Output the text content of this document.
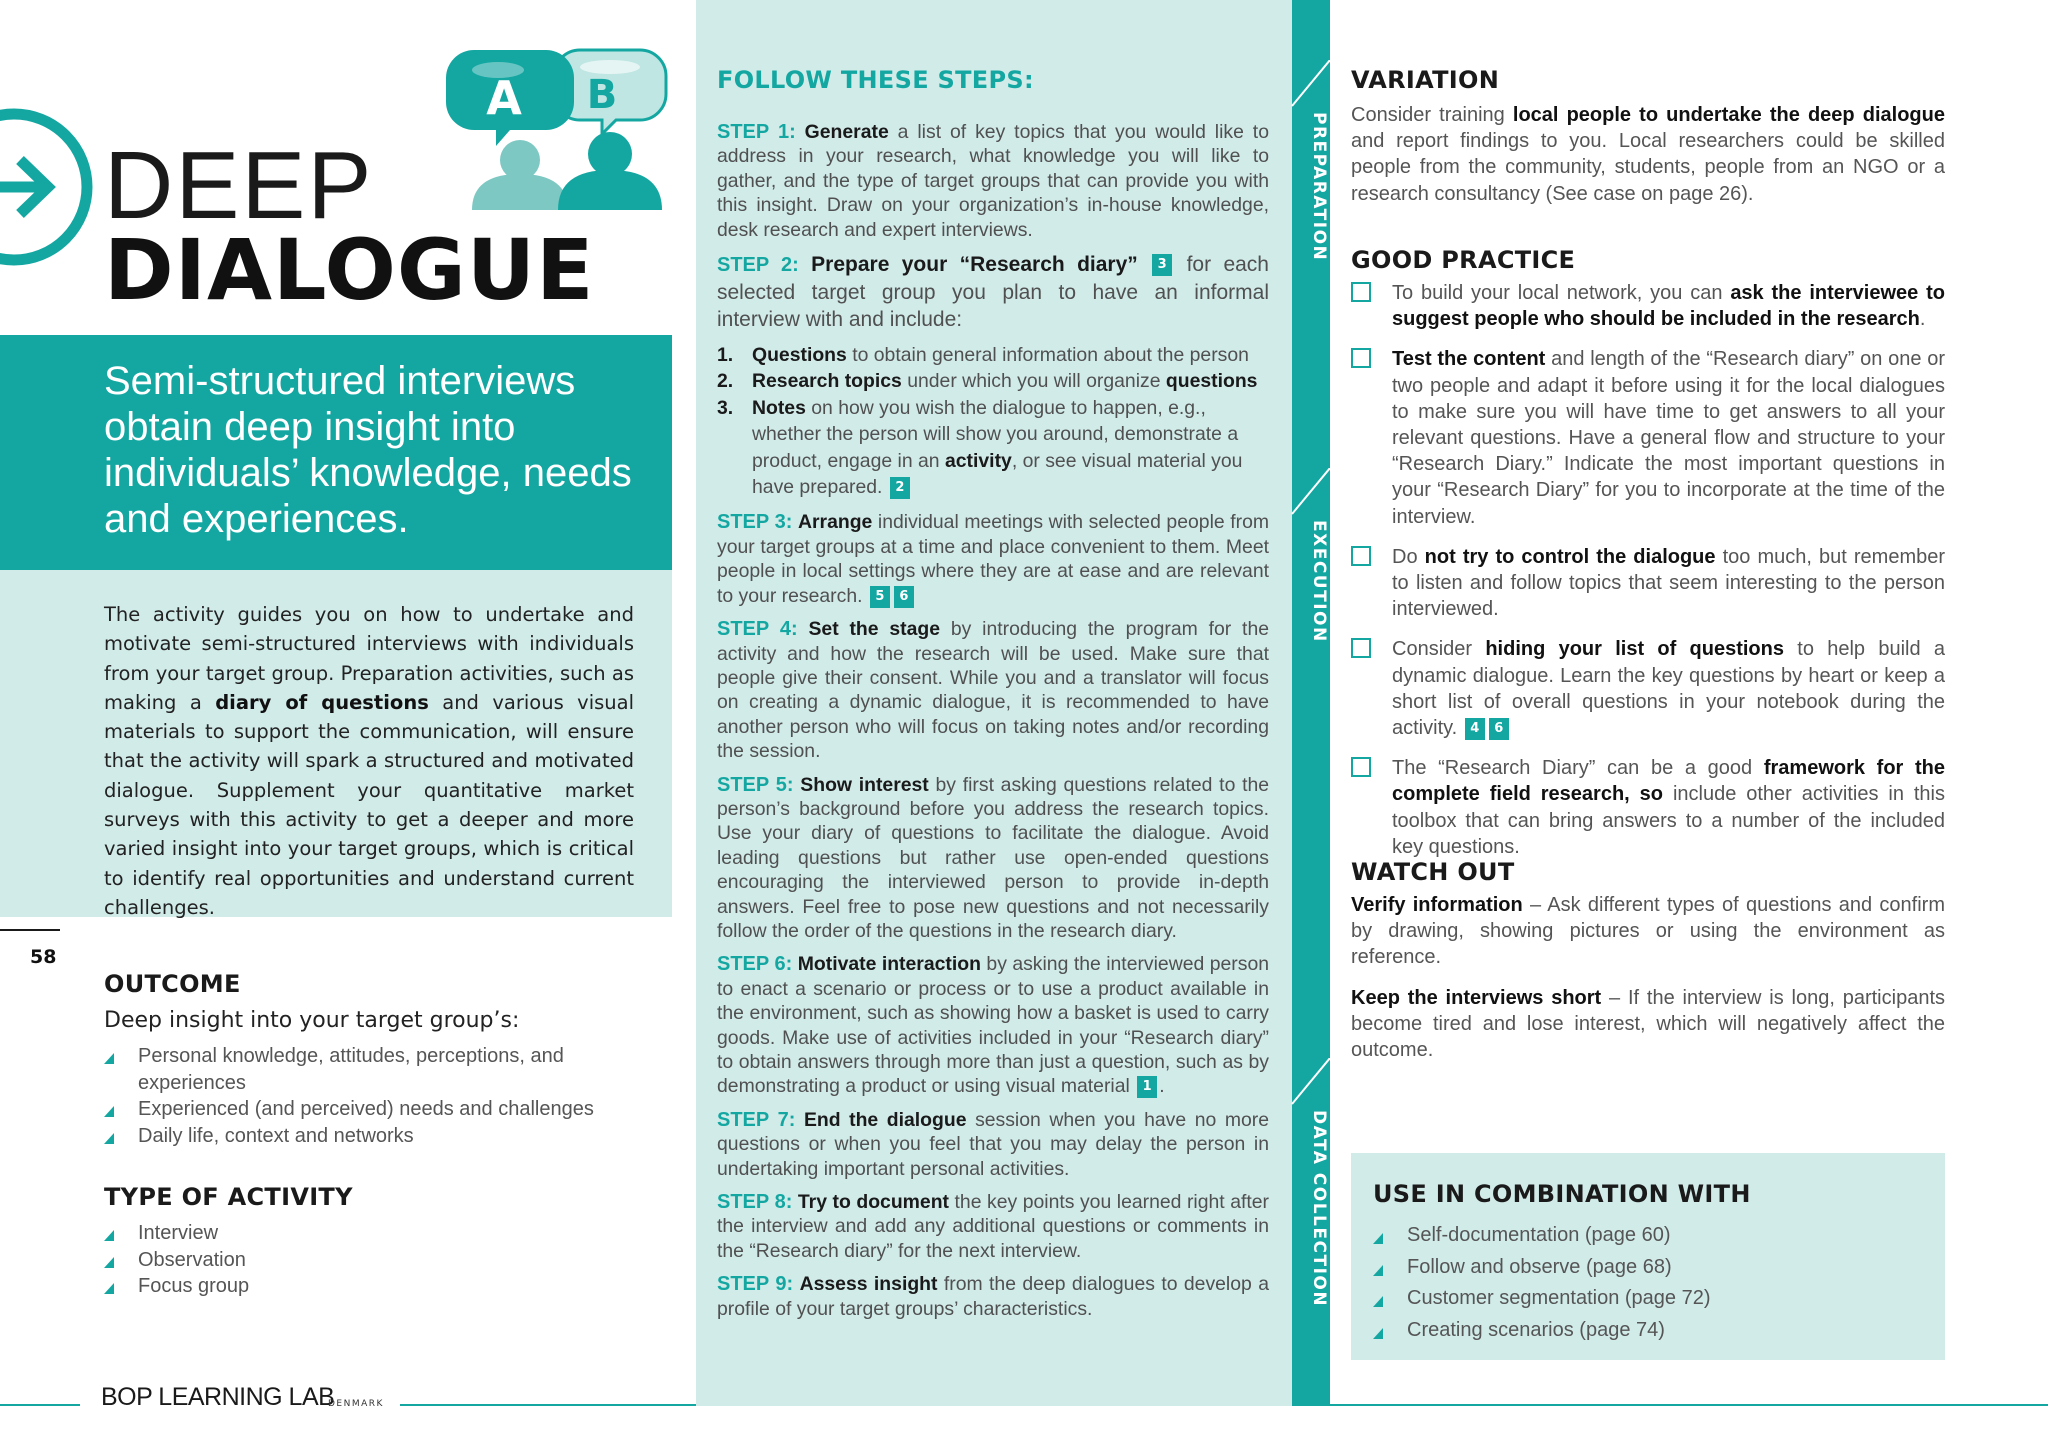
A B
DEEP
DIALOGUE
Semi-structured interviews obtain deep insight into individuals’ knowledge, needs and experiences.
The activity guides you on how to undertake and motivate semi-structured interviews with individuals from your target group. Preparation activities, such as making a diary of questions and various visual materials to support the communication, will ensure that the activity will spark a structured and motivated dialogue. Supplement your quantitative market surveys with this activity to get a deeper and more varied insight into your target groups, which is critical to identify real opportunities and understand current challenges.
58
OUTCOME
Deep insight into your target group’s:
Personal knowledge, attitudes, perceptions, and experiences
Experienced (and perceived) needs and challenges
Daily life, context and networks
TYPE OF ACTIVITY
Interview
Observation
Focus group
BOP LEARNING LAB
DENMARK
FOLLOW THESE STEPS:

STEP 1: Generate a list of key topics that you would like to address in your research, what knowledge you will like to gather, and the type of target groups that can provide you with this insight. Draw on your organization’s in-house knowledge, desk research and expert interviews.

STEP 2: Prepare your “Research diary” 3 for each selected target group you plan to have an informal interview with and include:

1. Questions to obtain general information about the person
2. Research topics under which you will organize questions
3. Notes on how you wish the dialogue to happen, e.g., whether the person will show you around, demonstrate a product, engage in an activity, or see visual material you have prepared. 2

STEP 3: Arrange individual meetings with selected people from your target groups at a time and place convenient to them. Meet people in local settings where they are at ease and are relevant to your research. 5 6

STEP 4: Set the stage by introducing the program for the activity and how the research will be used. Make sure that people give their consent. While you and a translator will focus on creating a dynamic dialogue, it is recommended to have another person who will focus on taking notes and/or recording the session.

STEP 5: Show interest by first asking questions related to the person’s background before you address the research topics. Use your diary of questions to facilitate the dialogue. Avoid leading questions but rather use open-ended questions encouraging the interviewed person to provide in-depth answers. Feel free to pose new questions and not necessarily follow the order of the questions in the research diary.

STEP 6: Motivate interaction by asking the interviewed person to enact a scenario or process or to use a product available in the environment, such as showing how a basket is used to carry goods. Make use of activities included in your “Research diary” to obtain answers through more than just a question, such as by demonstrating a product or using visual material 1 .

STEP 7: End the dialogue session when you have no more questions or when you feel that you may delay the person in undertaking important personal activities.

STEP 8: Try to document the key points you learned right after the interview and add any additional questions or comments in the “Research diary” for the next interview.

STEP 9: Assess insight from the deep dialogues to develop a profile of your target groups’ characteristics.

PREPARATION
EXECUTION
DATA COLLECTION
VARIATION
Consider training local people to undertake the deep dialogue and report findings to you. Local researchers could be skilled people from the community, students, people from an NGO or a research consultancy (See case on page 26).
GOOD PRACTICE
To build your local network, you can ask the interviewee to suggest people who should be included in the research.
Test the content and length of the “Research diary” on one or two people and adapt it before using it for the local dialogues to make sure you will have time to get answers to all your relevant questions. Have a general flow and structure to your “Research Diary.” Indicate the most important questions in your “Research Diary” for you to incorporate at the time of the interview.
Do not try to control the dialogue too much, but remember to listen and follow topics that seem interesting to the person interviewed.
Consider hiding your list of questions to help build a dynamic dialogue. Learn the key questions by heart or keep a short list of overall questions in your notebook during the activity. 4 6
The “Research Diary” can be a good framework for the complete field research, so include other activities in this toolbox that can bring answers to a number of the included key questions.
WATCH OUT

Verify information – Ask different types of questions and confirm by drawing, showing pictures or using the environment as reference.

Keep the interviews short – If the interview is long, participants become tired and lose interest, which will negatively affect the outcome.

USE IN COMBINATION WITH
Self-documentation (page 60)
Follow and observe (page 68)
Customer segmentation (page 72)
Creating scenarios (page 74)
